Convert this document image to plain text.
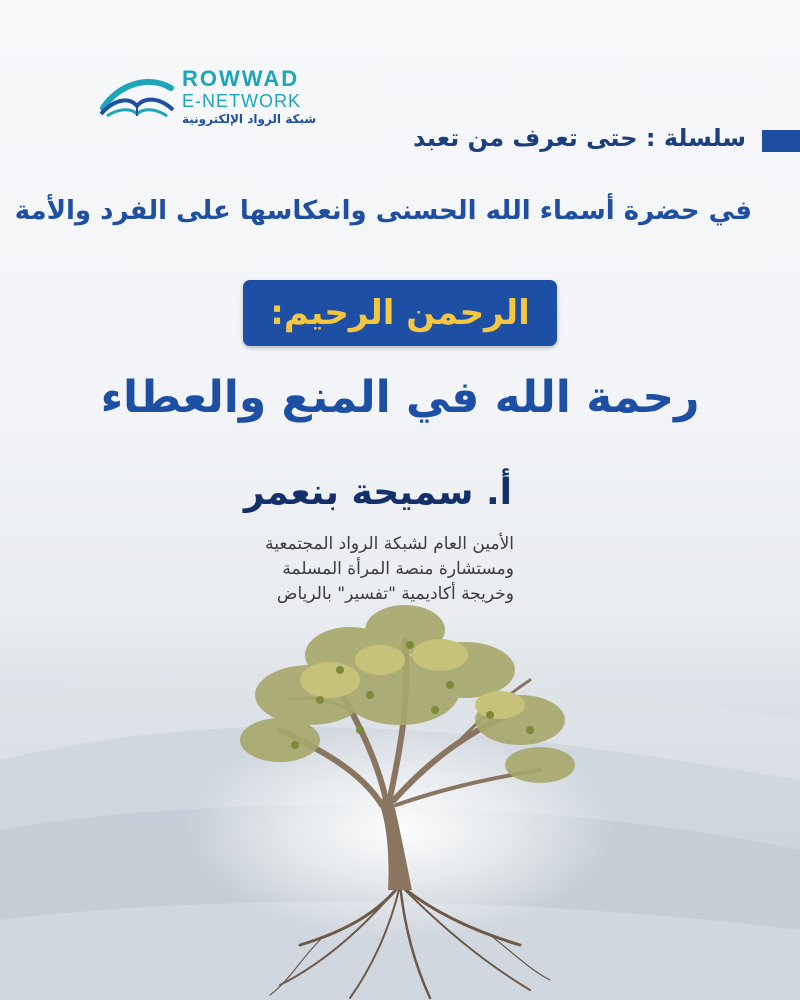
ROWWAD
E-NETWORK
شبكة الرواد الإلكترونية
سلسلة : حتى تعرف من تعبد
في حضرة أسماء الله الحسنى وانعكاسها على الفرد والأمة
الرحمن الرحيم:
رحمة الله في المنع والعطاء
أ. سميحة بنعمر
الأمين العام لشبكة الرواد المجتمعية
ومستشارة منصة المرأة المسلمة
وخريجة أكاديمية "تفسير" بالرياض
